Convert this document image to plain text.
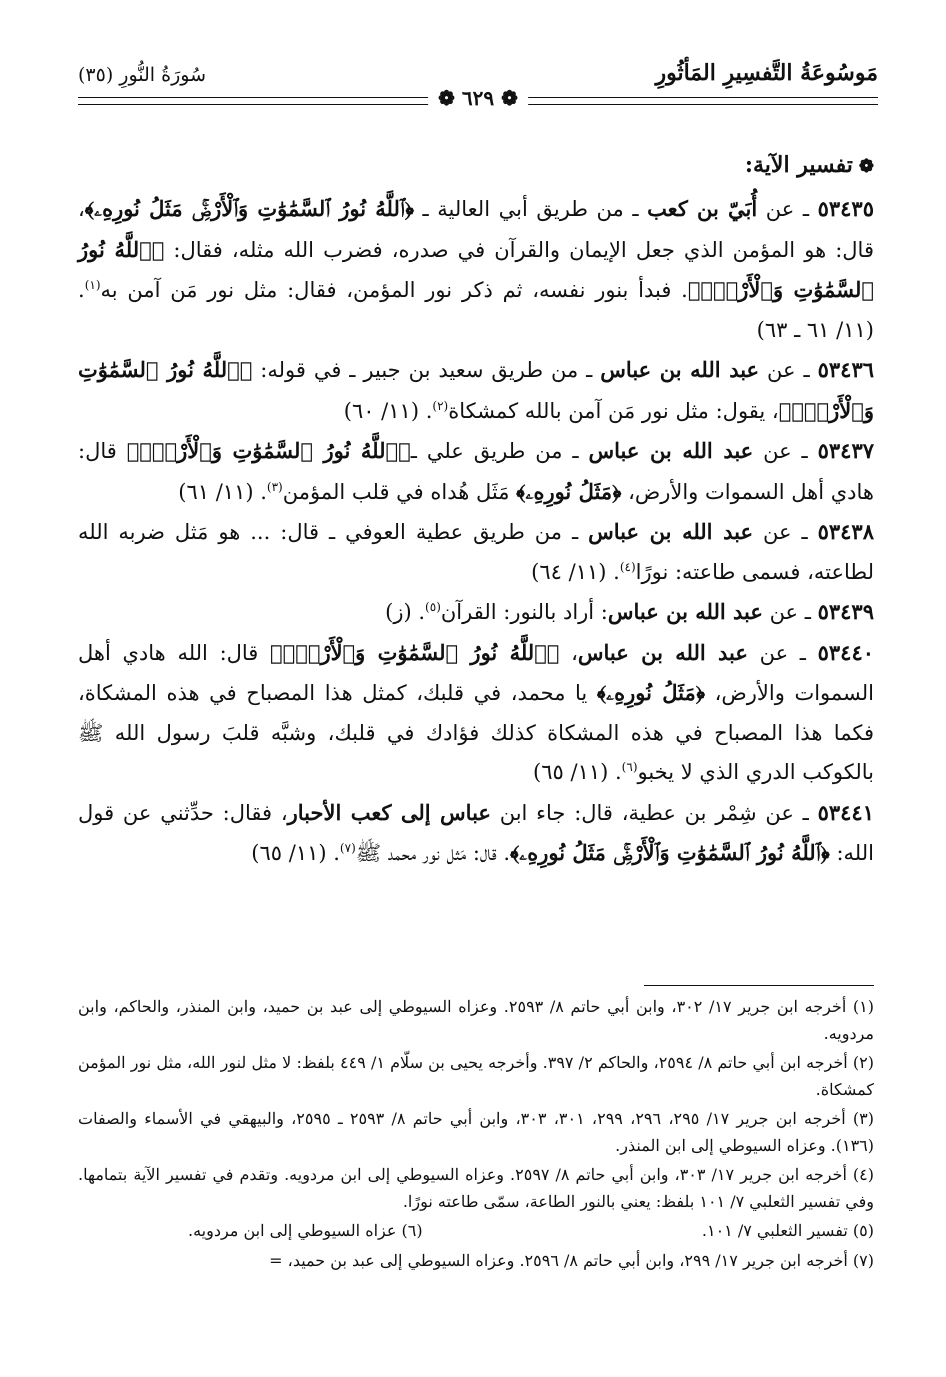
مَوسُوعَةُ التَّفسِيرِ المَأثُورِ
سُورَةُ النُّورِ (٣٥)
❁ ٦٢٩ ❁
❁تفسير الآية:

٥٣٤٣٥ ـ عن أُبَيّ بن كعب ـ من طريق أبي العالية ـ ﴿ٱللَّهُ نُورُ ٱلسَّمَٰوَٰتِ وَٱلْأَرْضِۚ مَثَلُ نُورِهِۦ﴾، قال: هو المؤمن الذي جعل الإيمان والقرآن في صدره، فضرب الله مثله، فقال: ﴿ٱللَّهُ نُورُ ٱلسَّمَٰوَٰتِ وَٱلْأَرْضِۚ﴾. فبدأ بنور نفسه، ثم ذكر نور المؤمن، فقال: مثل نور مَن آمن به$^{(١)}$. (١١/ ٦١ ـ ٦٣)

٥٣٤٣٦ ـ عن عبد الله بن عباس ـ من طريق سعيد بن جبير ـ في قوله: ﴿ٱللَّهُ نُورُ ٱلسَّمَٰوَٰتِ وَٱلْأَرْضِۚ﴾، يقول: مثل نور مَن آمن بالله كمشكاة$^{(٢)}$. (١١/ ٦٠)

٥٣٤٣٧ ـ عن عبد الله بن عباس ـ من طريق علي ـ﴿ٱللَّهُ نُورُ ٱلسَّمَٰوَٰتِ وَٱلْأَرْضِۚ﴾ قال: هادي أهل السموات والأرض، ﴿مَثَلُ نُورِهِۦ﴾ مَثَل هُداه في قلب المؤمن$^{(٣)}$. (١١/ ٦١)

٥٣٤٣٨ ـ عن عبد الله بن عباس ـ من طريق عطية العوفي ـ قال: ... هو مَثل ضربه الله لطاعته، فسمى طاعته: نورًا$^{(٤)}$. (١١/ ٦٤)

٥٣٤٣٩ ـ عن عبد الله بن عباس: أراد بالنور: القرآن$^{(٥)}$. (ز)

٥٣٤٤٠ ـ عن عبد الله بن عباس، ﴿ٱللَّهُ نُورُ ٱلسَّمَٰوَٰتِ وَٱلْأَرْضِۚ﴾ قال: الله هادي أهل السموات والأرض، ﴿مَثَلُ نُورِهِۦ﴾ يا محمد، في قلبك، كمثل هذا المصباح في هذه المشكاة، فكما هذا المصباح في هذه المشكاة كذلك فؤادك في قلبك، وشبَّه قلبَ رسول الله ﷺ بالكوكب الدري الذي لا يخبو$^{(٦)}$. (١١/ ٦٥)

٥٣٤٤١ ـ عن شِمْر بن عطية، قال: جاء ابن عباس إلى كعب الأحبار، فقال: حدِّثني عن قول الله: ﴿ٱللَّهُ نُورُ ٱلسَّمَٰوَٰتِ وَٱلْأَرْضِۚ مَثَلُ نُورِهِۦ﴾. قال: مَثل نور محمد ﷺ$^{(٧)}$. (١١/ ٦٥)

(١) أخرجه ابن جرير ١٧/ ٣٠٢، وابن أبي حاتم ٨/ ٢٥٩٣. وعزاه السيوطي إلى عبد بن حميد، وابن المنذر، والحاكم، وابن مردويه.

(٢) أخرجه ابن أبي حاتم ٨/ ٢٥٩٤، والحاكم ٢/ ٣٩٧. وأخرجه يحيى بن سلّام ١/ ٤٤٩ بلفظ: لا مثل لنور الله، مثل نور المؤمن كمشكاة.

(٣) أخرجه ابن جرير ١٧/ ٢٩٥، ٢٩٦، ٢٩٩، ٣٠١، ٣٠٣، وابن أبي حاتم ٨/ ٢٥٩٣ ـ ٢٥٩٥، والبيهقي في الأسماء والصفات (١٣٦). وعزاه السيوطي إلى ابن المنذر.

(٤) أخرجه ابن جرير ١٧/ ٣٠٣، وابن أبي حاتم ٨/ ٢٥٩٧. وعزاه السيوطي إلى ابن مردويه. وتقدم في تفسير الآية بتمامها. وفي تفسير الثعلبي ٧/ ١٠١ بلفظ: يعني بالنور الطاعة، سمّى طاعته نورًا.

(٥) تفسير الثعلبي ٧/ ١٠١.
(٦) عزاه السيوطي إلى ابن مردويه.

(٧) أخرجه ابن جرير ١٧/ ٢٩٩، وابن أبي حاتم ٨/ ٢٥٩٦. وعزاه السيوطي إلى عبد بن حميد، =
